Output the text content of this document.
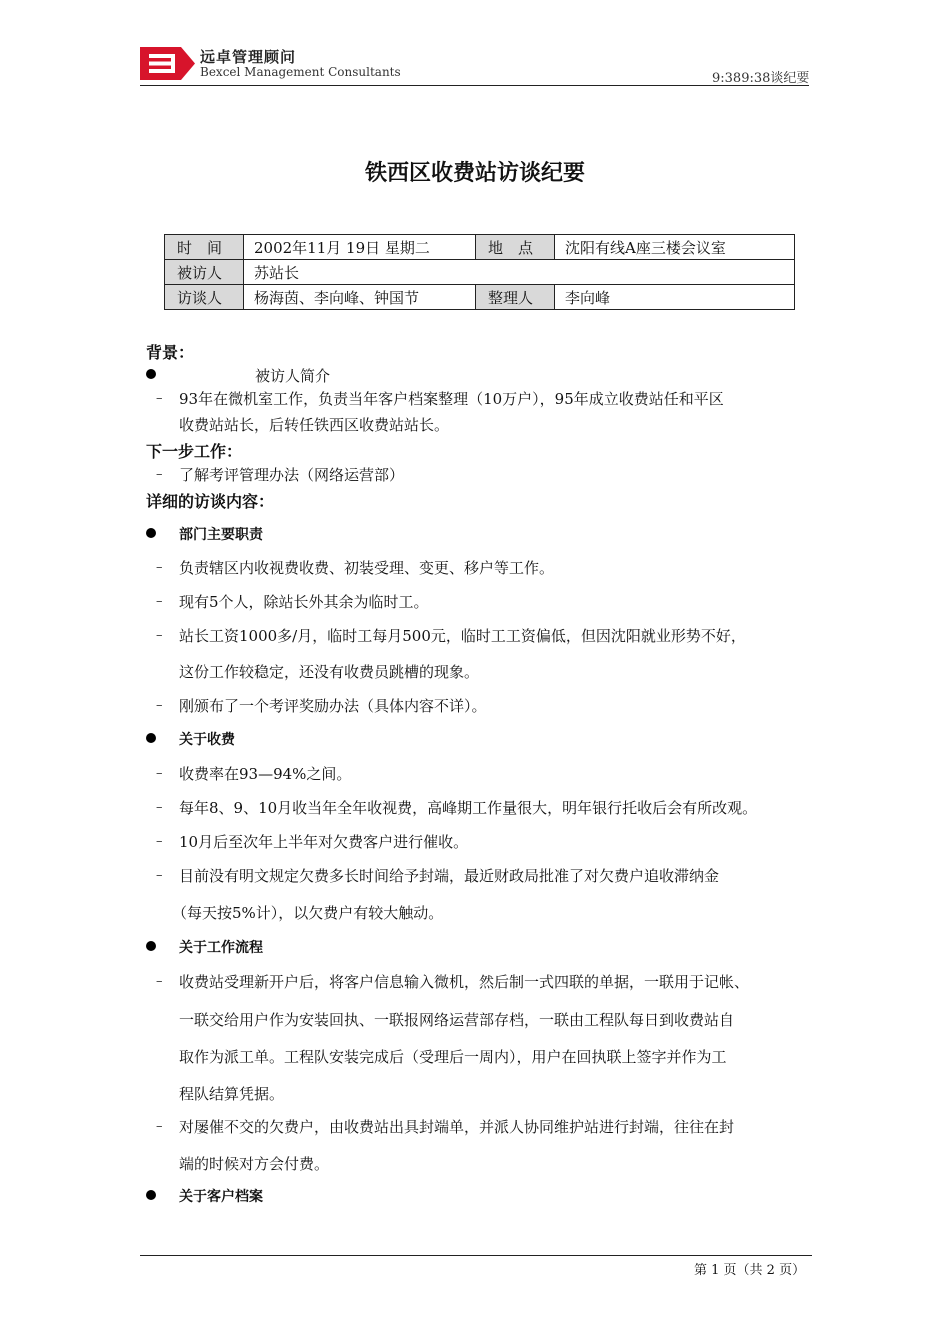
远卓管理顾问
Bexcel Management Consultants	9:389:38谈纪要
铁西区收费站访谈纪要
时　间	2002年11月 19日 星期二	地　点	沈阳有线A座三楼会议室
被访人	苏站长		
访谈人	杨海茵、李向峰、钟国节	整理人	李向峰
背景：
被访人简介
– 93年在微机室工作，负责当年客户档案整理（10万户），95年成立收费站任和平区
收费站站长，后转任铁西区收费站站长。
下一步工作：
– 了解考评管理办法（网络运营部）
详细的访谈内容：
部门主要职责
– 负责辖区内收视费收费、初装受理、变更、移户等工作。
– 现有5个人，除站长外其余为临时工。
– 站长工资1000多/月，临时工每月500元，临时工工资偏低，但因沈阳就业形势不好，
这份工作较稳定，还没有收费员跳槽的现象。
– 刚颁布了一个考评奖励办法（具体内容不详）。
关于收费
– 收费率在93—94%之间。
– 每年8、9、10月收当年全年收视费，高峰期工作量很大，明年银行托收后会有所改观。
– 10月后至次年上半年对欠费客户进行催收。
– 目前没有明文规定欠费多长时间给予封端，最近财政局批准了对欠费户追收滞纳金
（每天按5%计），以欠费户有较大触动。
关于工作流程
– 收费站受理新开户后，将客户信息输入微机，然后制一式四联的单据，一联用于记帐、
一联交给用户作为安装回执、一联报网络运营部存档，一联由工程队每日到收费站自
取作为派工单。工程队安装完成后（受理后一周内），用户在回执联上签字并作为工
程队结算凭据。
– 对屡催不交的欠费户，由收费站出具封端单，并派人协同维护站进行封端，往往在封
端的时候对方会付费。
关于客户档案
第 1 页（共 2 页）
